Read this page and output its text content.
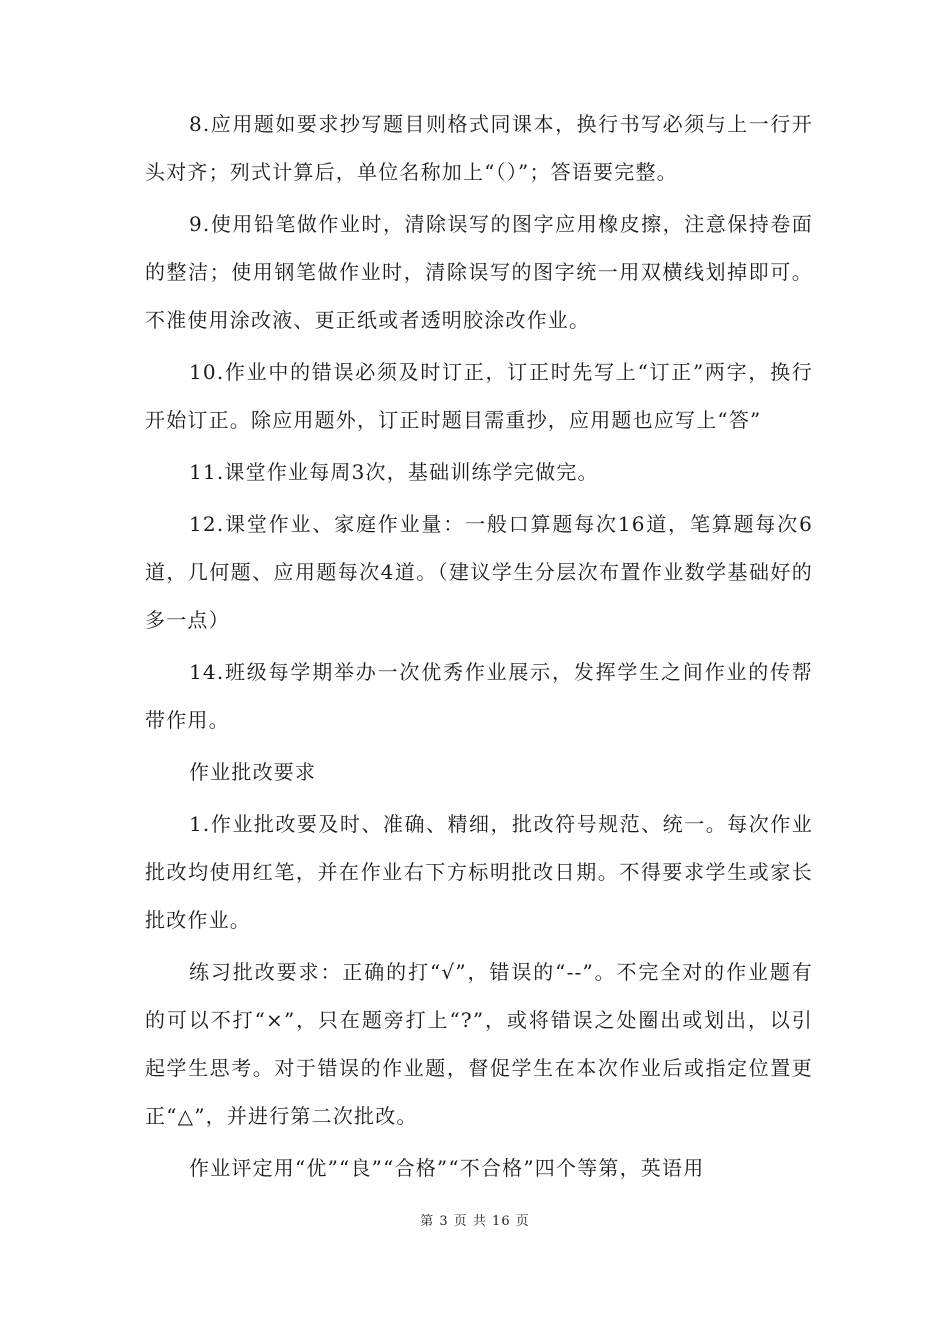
8.应用题如要求抄写题目则格式同课本，换行书写必须与上一行开头对齐；列式计算后，单位名称加上“（）”；答语要完整。

9.使用铅笔做作业时，清除误写的图字应用橡皮擦，注意保持卷面的整洁；使用钢笔做作业时，清除误写的图字统一用双横线划掉即可。不准使用涂改液、更正纸或者透明胶涂改作业。

10.作业中的错误必须及时订正，订正时先写上“订正”两字，换行开始订正。除应用题外，订正时题目需重抄，应用题也应写上“答”

11.课堂作业每周3次，基础训练学完做完。

12.课堂作业、家庭作业量：一般口算题每次16道，笔算题每次6道，几何题、应用题每次4道。（建议学生分层次布置作业数学基础好的多一点）

14.班级每学期举办一次优秀作业展示，发挥学生之间作业的传帮带作用。

作业批改要求

1.作业批改要及时、准确、精细，批改符号规范、统一。每次作业批改均使用红笔，并在作业右下方标明批改日期。不得要求学生或家长批改作业。

练习批改要求：正确的打“√”，错误的“--”。不完全对的作业题有的可以不打“×”，只在题旁打上“?”，或将错误之处圈出或划出，以引起学生思考。对于错误的作业题，督促学生在本次作业后或指定位置更正“△”，并进行第二次批改。

作业评定用“优”“良”“合格”“不合格”四个等第，英语用

第 3 页 共 16 页
